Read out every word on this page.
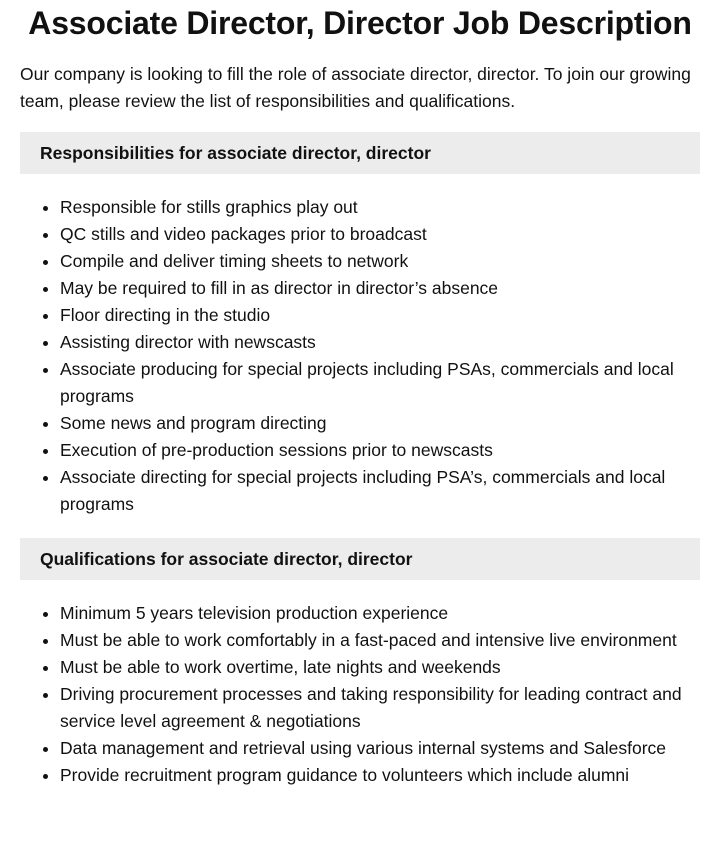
Associate Director, Director Job Description

Our company is looking to fill the role of associate director, director. To join our growing team, please review the list of responsibilities and qualifications.

Responsibilities for associate director, director
• Responsible for stills graphics play out
• QC stills and video packages prior to broadcast
• Compile and deliver timing sheets to network
• May be required to fill in as director in director’s absence
• Floor directing in the studio
• Assisting director with newscasts
• Associate producing for special projects including PSAs, commercials and local programs
• Some news and program directing
• Execution of pre-production sessions prior to newscasts
• Associate directing for special projects including PSA’s, commercials and local programs
Qualifications for associate director, director
• Minimum 5 years television production experience
• Must be able to work comfortably in a fast-paced and intensive live environment
• Must be able to work overtime, late nights and weekends
• Driving procurement processes and taking responsibility for leading contract and service level agreement & negotiations
• Data management and retrieval using various internal systems and Salesforce
• Provide recruitment program guidance to volunteers which include alumni
